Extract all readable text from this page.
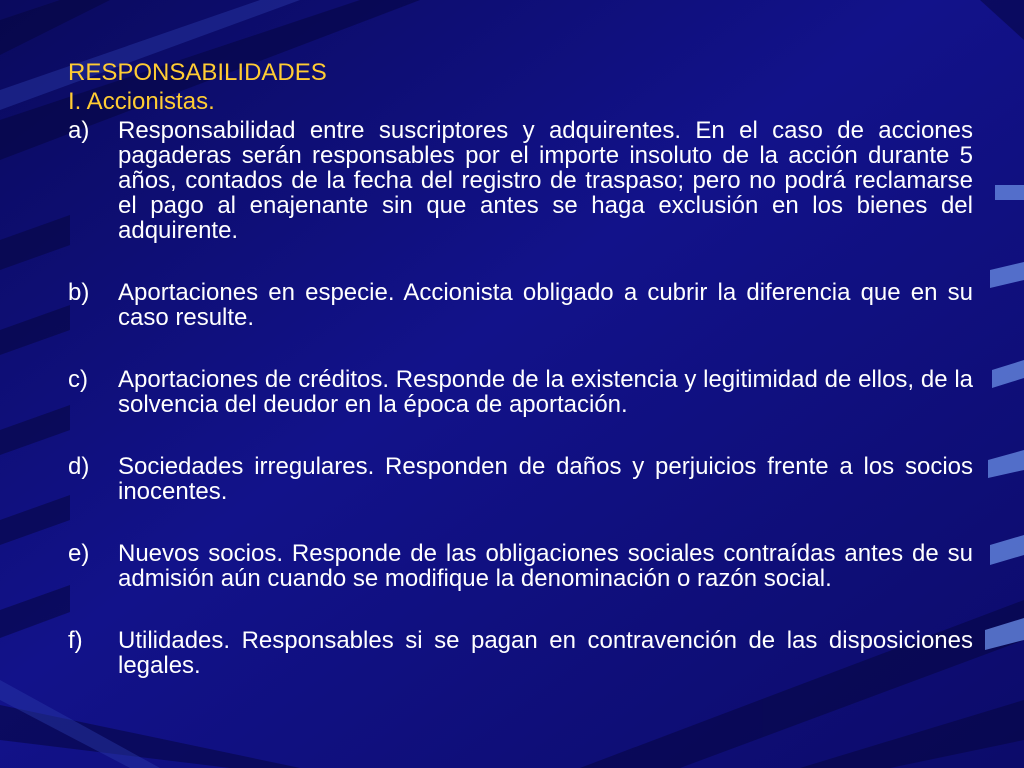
RESPONSABILIDADES
I. Accionistas.
a) Responsabilidad entre suscriptores y adquirentes. En el caso de acciones pagaderas serán responsables por el importe insoluto de la acción durante 5 años, contados de la fecha del registro de traspaso; pero no podrá reclamarse el pago al enajenante sin que antes se haga exclusión en los bienes del adquirente.
b) Aportaciones en especie. Accionista obligado a cubrir la diferencia que en su caso resulte.
c) Aportaciones de créditos. Responde de la existencia y legitimidad de ellos, de la solvencia del deudor en la época de aportación.
d) Sociedades irregulares. Responden de daños y perjuicios frente a los socios inocentes.
e) Nuevos socios. Responde de las obligaciones sociales contraídas antes de su admisión aún cuando se modifique la denominación o razón social.
f) Utilidades. Responsables si se pagan en contravención de las disposiciones legales.
